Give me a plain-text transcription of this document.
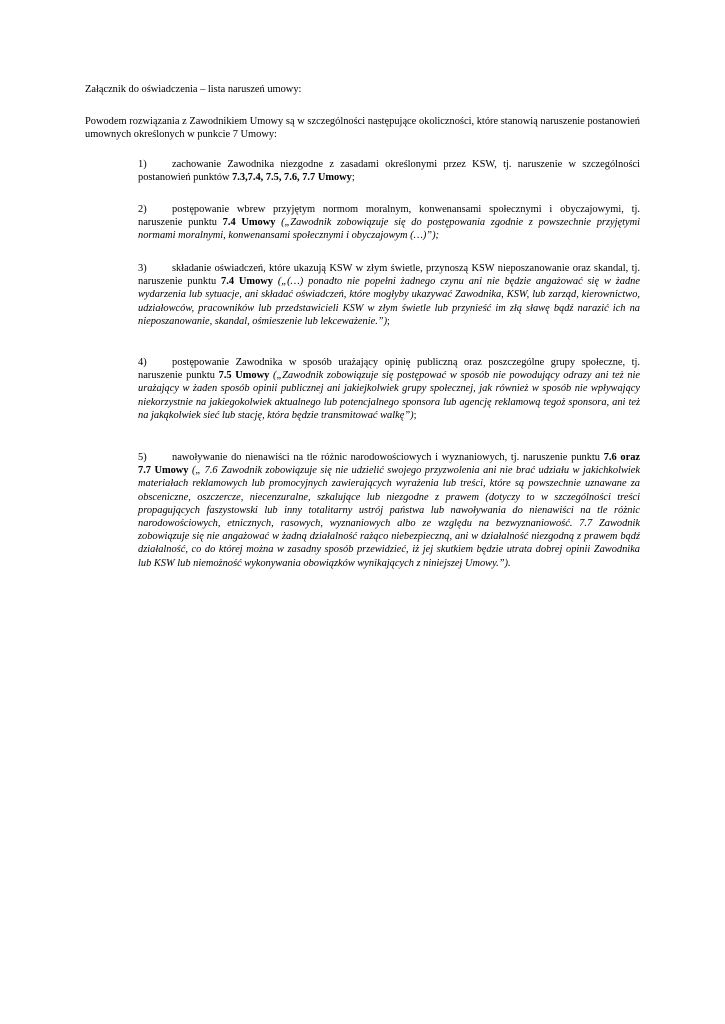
Załącznik do oświadczenia – lista naruszeń umowy:

Powodem rozwiązania z Zawodnikiem Umowy są w szczególności następujące okoliczności, które stanowią naruszenie postanowień umownych określonych w punkcie 7 Umowy:

1) zachowanie Zawodnika niezgodne z zasadami określonymi przez KSW, tj. naruszenie w szczególności postanowień punktów 7.3,7.4, 7.5, 7.6, 7.7 Umowy;

2) postępowanie wbrew przyjętym normom moralnym, konwenansami społecznymi i obyczajowymi, tj. naruszenie punktu 7.4 Umowy („Zawodnik zobowiązuje się do postępowania zgodnie z powszechnie przyjętymi normami moralnymi, konwenansami społecznymi i obyczajowym (…)”);

3) składanie oświadczeń, które ukazują KSW w złym świetle, przynoszą KSW nieposzanowanie oraz skandal, tj. naruszenie punktu 7.4 Umowy („(…) ponadto nie popełni żadnego czynu ani nie będzie angażować się w żadne wydarzenia lub sytuacje, ani składać oświadczeń, które mogłyby ukazywać Zawodnika, KSW, lub zarząd, kierownictwo, udziałowców, pracowników lub przedstawicieli KSW w złym świetle lub przynieść im złą sławę bądź narazić ich na nieposzanowanie, skandal, ośmieszenie lub lekceważenie.”);

4) postępowanie Zawodnika w sposób urażający opinię publiczną oraz poszczególne grupy społeczne, tj. naruszenie punktu 7.5 Umowy („Zawodnik zobowiązuje się postępować w sposób nie powodujący odrazy ani też nie urażający w żaden sposób opinii publicznej ani jakiejkolwiek grupy społecznej, jak również w sposób nie wpływający niekorzystnie na jakiegokolwiek aktualnego lub potencjalnego sponsora lub agencję reklamową tegoż sponsora, ani też na jakąkolwiek sieć lub stację, która będzie transmitować walkę”);

5) nawoływanie do nienawiści na tle różnic narodowościowych i wyznaniowych, tj. naruszenie punktu 7.6 oraz 7.7 Umowy („ 7.6 Zawodnik zobowiązuje się nie udzielić swojego przyzwolenia ani nie brać udziału w jakichkolwiek materiałach reklamowych lub promocyjnych zawierających wyrażenia lub treści, które są powszechnie uznawane za obsceniczne, oszczercze, niecenzuralne, szkalujące lub niezgodne z prawem (dotyczy to w szczególności treści propagujących faszystowski lub inny totalitarny ustrój państwa lub nawoływania do nienawiści na tle różnic narodowościowych, etnicznych, rasowych, wyznaniowych albo ze względu na bezwyznaniowość. 7.7 Zawodnik zobowiązuje się nie angażować w żadną działalność rażąco niebezpieczną, ani w działalność niezgodną z prawem bądź działalność, co do której można w zasadny sposób przewidzieć, iż jej skutkiem będzie utrata dobrej opinii Zawodnika lub KSW lub niemożność wykonywania obowiązków wynikających z niniejszej Umowy.”).
